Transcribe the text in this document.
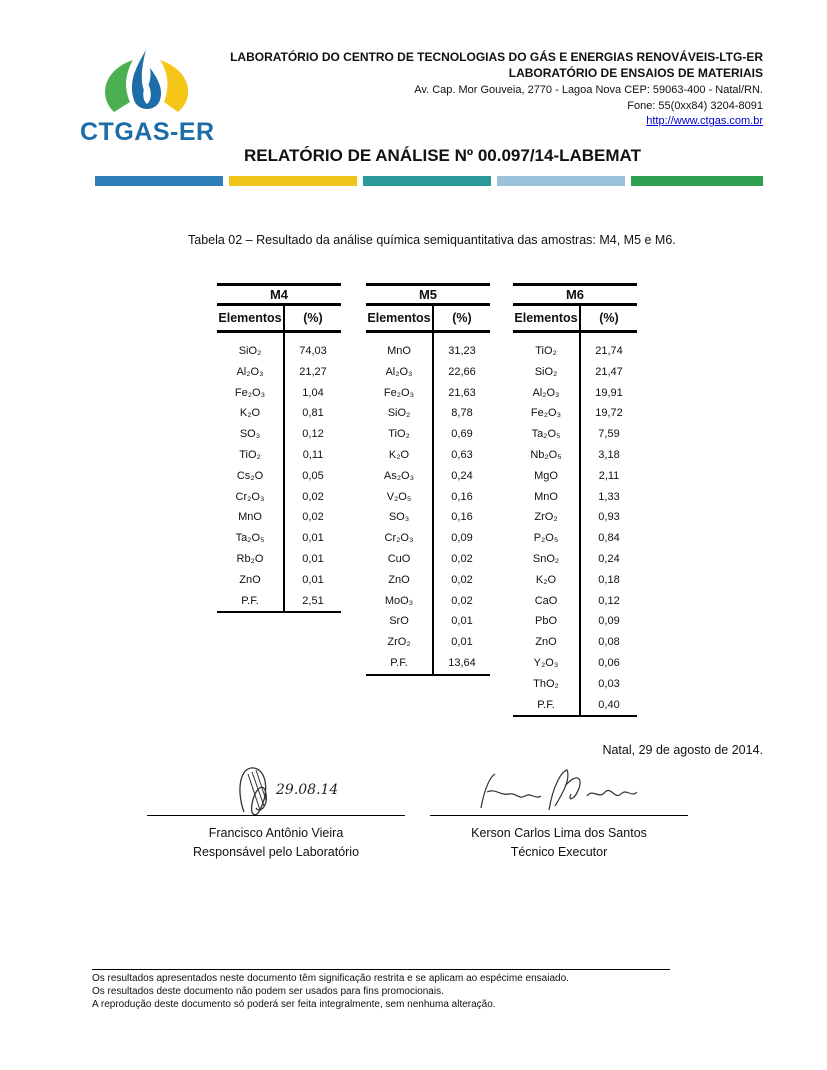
CTGAS-ER
LABORATÓRIO DO CENTRO DE TECNOLOGIAS DO GÁS E ENERGIAS RENOVÁVEIS-LTG-ER
LABORATÓRIO DE ENSAIOS DE MATERIAIS
Av. Cap. Mor Gouveia, 2770 - Lagoa Nova CEP: 59063-400 - Natal/RN.
Fone: 55(0xx84) 3204-8091
http://www.ctgas.com.br
RELATÓRIO DE ANÁLISE Nº 00.097/14-LABEMAT
Tabela 02 – Resultado da análise química semiquantitativa das amostras: M4, M5 e M6.
M4
Elementos	(%)
SiO₂	74,03
Al₂O₃	21,27
Fe₂O₃	1,04
K₂O	0,81
SO₃	0,12
TiO₂	0,11
Cs₂O	0,05
Cr₂O₃	0,02
MnO	0,02
Ta₂O₅	0,01
Rb₂O	0,01
ZnO	0,01
P.F.	2,51
M5
Elementos	(%)
MnO	31,23
Al₂O₃	22,66
Fe₂O₃	21,63
SiO₂	8,78
TiO₂	0,69
K₂O	0,63
As₂O₃	0,24
V₂O₅	0,16
SO₃	0,16
Cr₂O₃	0,09
CuO	0,02
ZnO	0,02
MoO₃	0,02
SrO	0,01
ZrO₂	0,01
P.F.	13,64
M6
Elementos	(%)
TiO₂	21,74
SiO₂	21,47
Al₂O₃	19,91
Fe₂O₃	19,72
Ta₂O₅	7,59
Nb₂O₅	3,18
MgO	2,11
MnO	1,33
ZrO₂	0,93
P₂O₅	0,84
SnO₂	0,24
K₂O	0,18
CaO	0,12
PbO	0,09
ZnO	0,08
Y₂O₃	0,06
ThO₂	0,03
P.F.	0,40
Natal, 29 de agosto de 2014.
29.08.14
Francisco Antônio Vieira
Responsável pelo Laboratório
Kerson Carlos Lima dos Santos
Técnico Executor
Os resultados apresentados neste documento têm significação restrita e se aplicam ao espécime ensaiado.
Os resultados deste documento não podem ser usados para fins promocionais.
A reprodução deste documento só poderá ser feita integralmente, sem nenhuma alteração.
